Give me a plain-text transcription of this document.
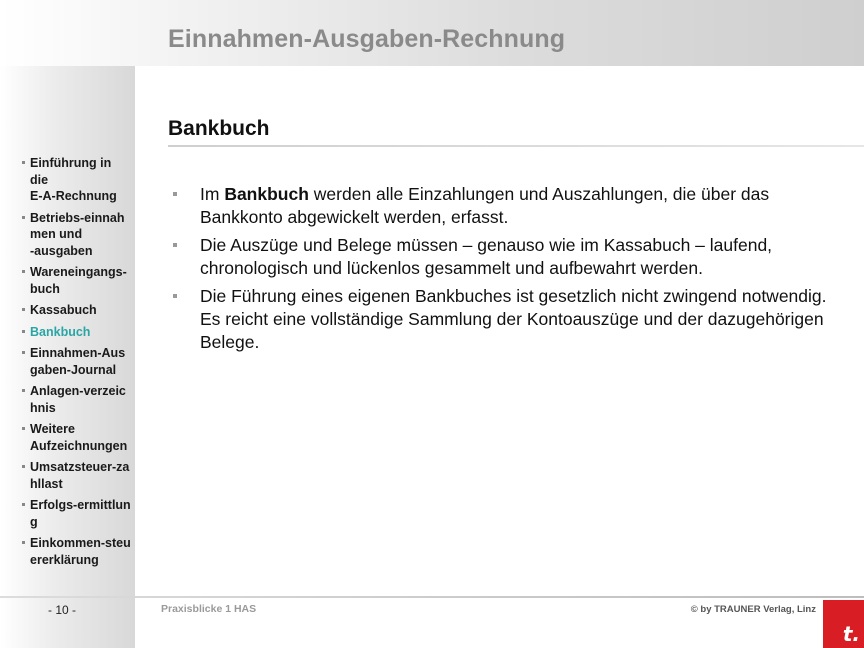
Einnahmen-Ausgaben-Rechnung
Einführung in
die
E-A-Rechnung
Betriebs-einnah
men und
-ausgaben
Wareneingangs-
buch
Kassabuch
Bankbuch
Einnahmen-Aus
gaben-Journal
Anlagen-verzeic
hnis
Weitere
Aufzeichnungen
Umsatzsteuer-za
hllast
Erfolgs-ermittlun
g
Einkommen-steu
ererklärung
Bankbuch
Im Bankbuch werden alle Einzahlungen und Auszahlungen, die über das Bankkonto abgewickelt werden, erfasst.
Die Auszüge und Belege müssen – genauso wie im Kassabuch – laufend, chronologisch und lückenlos gesammelt und aufbewahrt werden.
Die Führung eines eigenen Bankbuches ist gesetzlich nicht zwingend notwendig. Es reicht eine vollständige Sammlung der Kontoauszüge und der dazugehörigen Belege.
- 10 -	Praxisblicke 1 HAS	© by TRAUNER Verlag, Linz
t.
